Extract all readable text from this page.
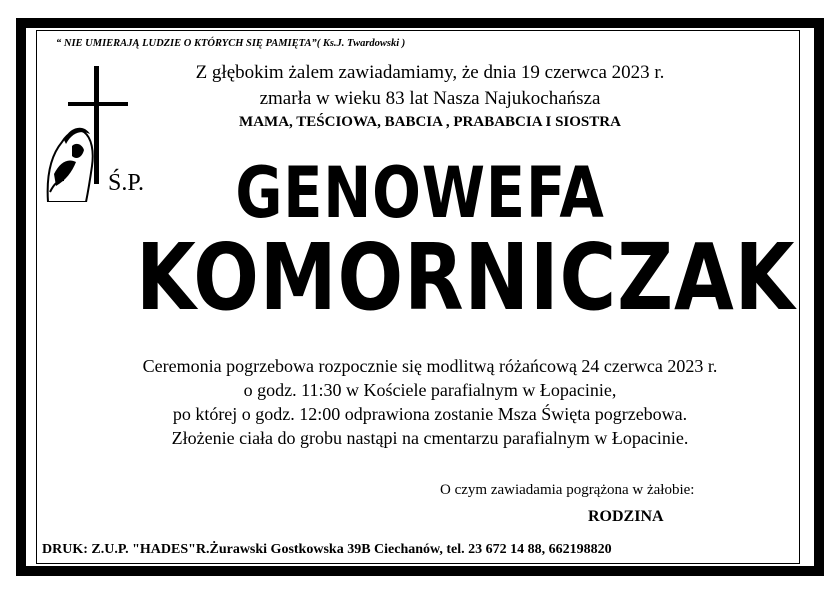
“ NIE UMIERAJĄ LUDZIE O KTÓRYCH SIĘ PAMIĘTA”( Ks.J. Twardowski )
Z głębokim żalem zawiadamiamy, że dnia 19 czerwca 2023 r.
zmarła w wieku 83 lat Nasza Najukochańsza
MAMA, TEŚCIOWA, BABCIA , PRABABCIA I SIOSTRA
Ś.P.	GENOWEFA
KOMORNICZAK
Ceremonia pogrzebowa rozpocznie się modlitwą różańcową 24 czerwca 2023 r.
o godz. 11:30 w Kościele parafialnym w Łopacinie,
po której o godz. 12:00 odprawiona zostanie Msza Święta pogrzebowa.
Złożenie ciała do grobu nastąpi na cmentarzu parafialnym w Łopacinie.
O czym zawiadamia pogrążona w żałobie:
RODZINA
DRUK: Z.U.P. "HADES"R.Żurawski Gostkowska 39B Ciechanów, tel. 23 672 14 88, 662198820
